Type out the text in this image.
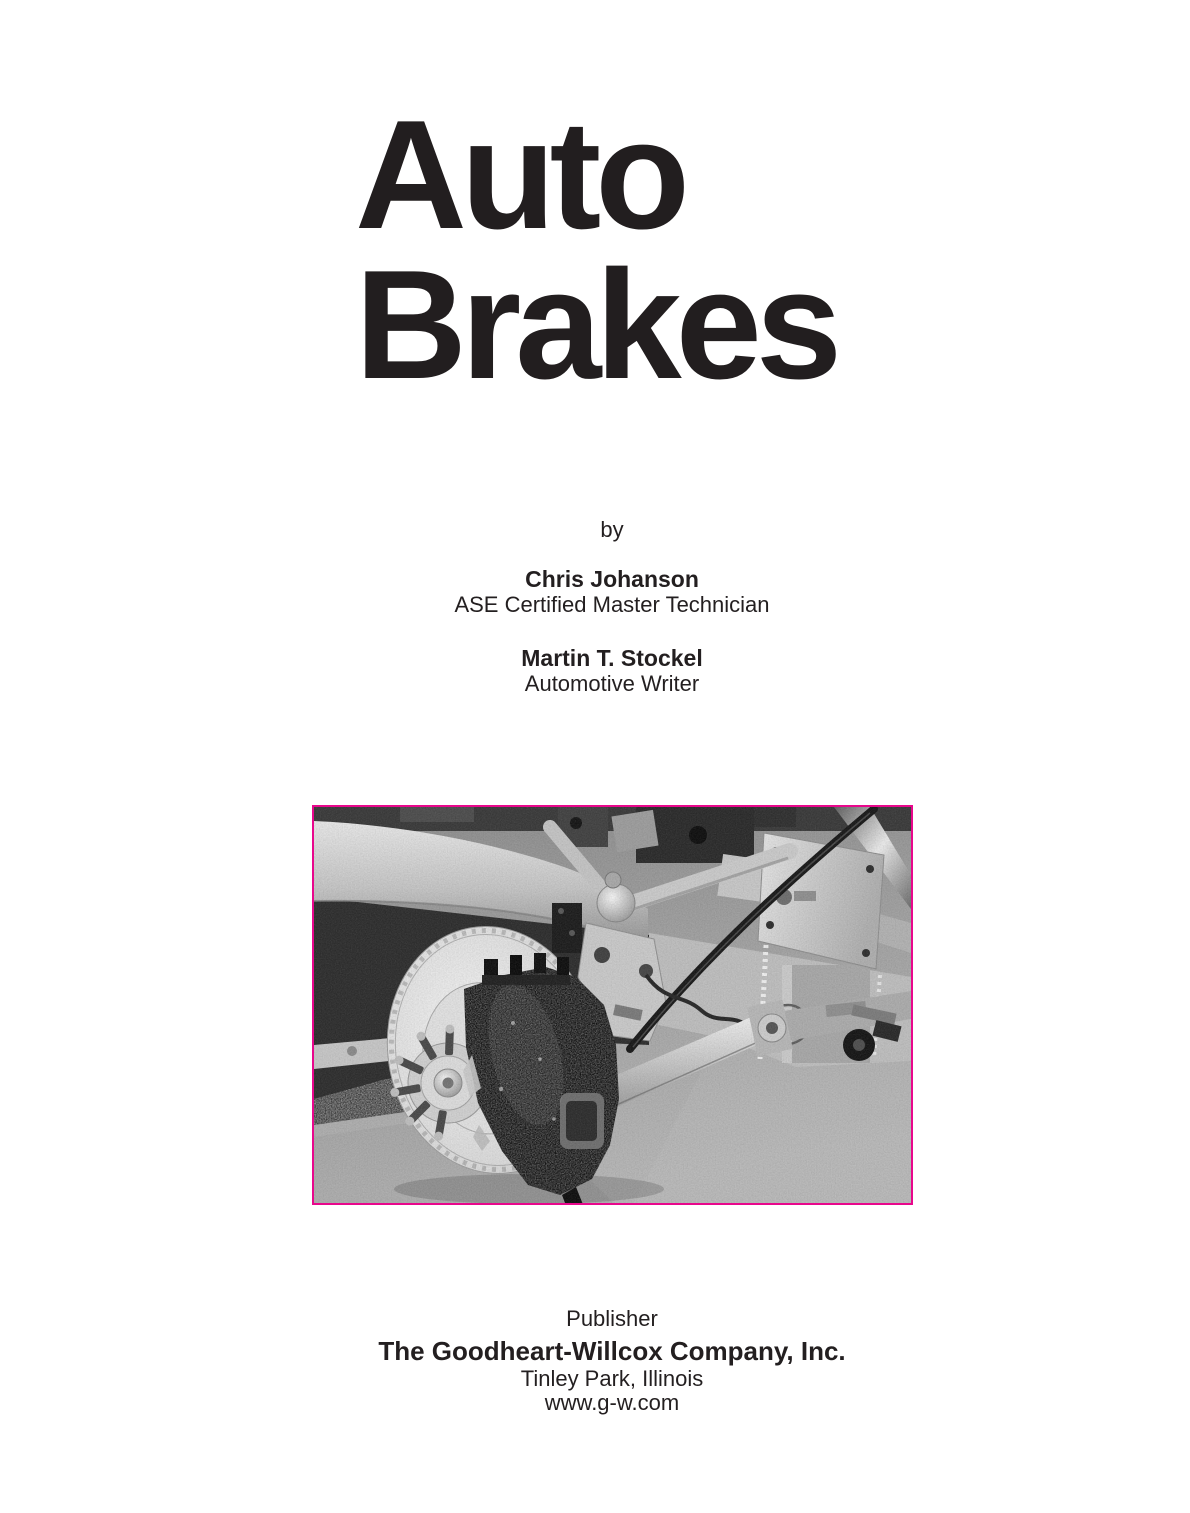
Auto
Brakes
by
Chris Johanson
ASE Certified Master Technician
Martin T. Stockel
Automotive Writer
Publisher
The Goodheart-Willcox Company, Inc.
Tinley Park, Illinois
www.g-w.com
